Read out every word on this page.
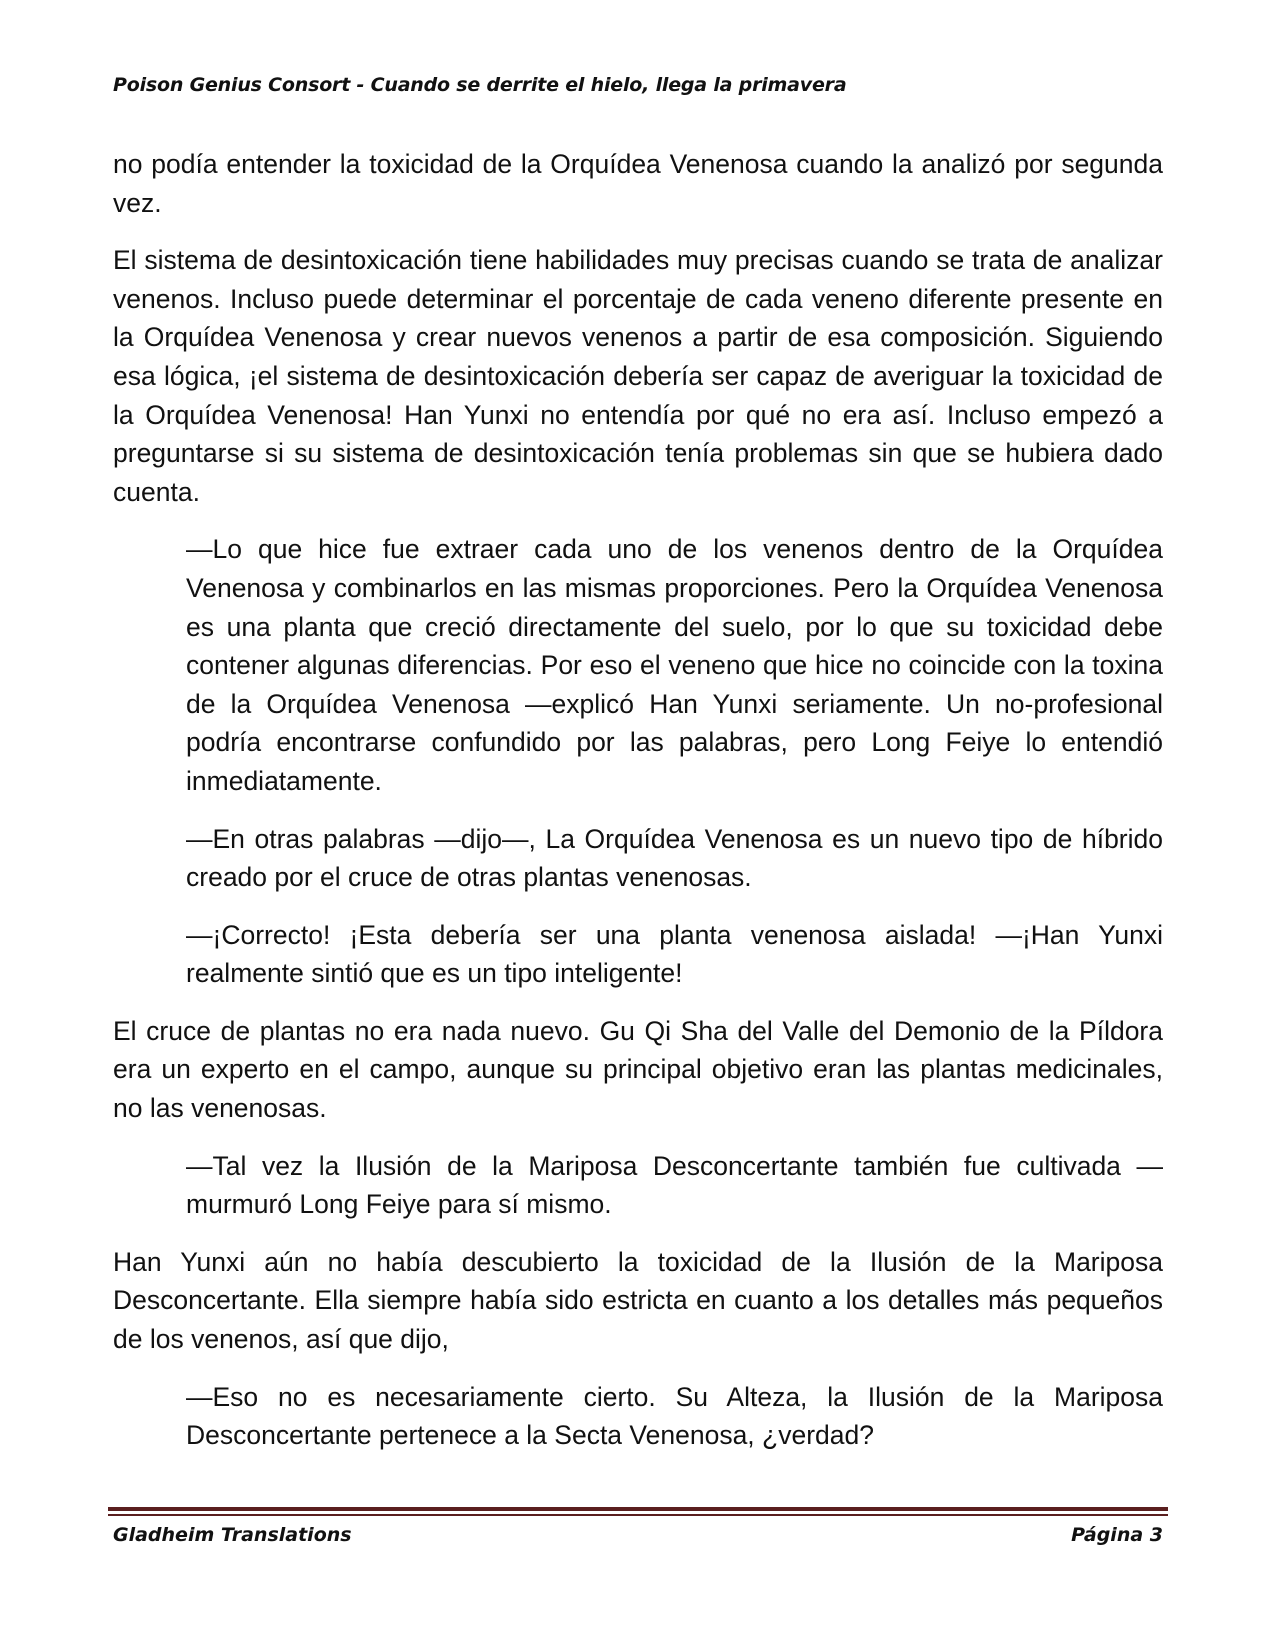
Poison Genius Consort - Cuando se derrite el hielo, llega la primavera

no podía entender la toxicidad de la Orquídea Venenosa cuando la analizó por segunda vez.

El sistema de desintoxicación tiene habilidades muy precisas cuando se trata de analizar venenos. Incluso puede determinar el porcentaje de cada veneno diferente presente en la Orquídea Venenosa y crear nuevos venenos a partir de esa composición. Siguiendo esa lógica, ¡el sistema de desintoxicación debería ser capaz de averiguar la toxicidad de la Orquídea Venenosa! Han Yunxi no entendía por qué no era así. Incluso empezó a preguntarse si su sistema de desintoxicación tenía problemas sin que se hubiera dado cuenta.

—Lo que hice fue extraer cada uno de los venenos dentro de la Orquídea Venenosa y combinarlos en las mismas proporciones. Pero la Orquídea Venenosa es una planta que creció directamente del suelo, por lo que su toxicidad debe contener algunas diferencias. Por eso el veneno que hice no coincide con la toxina de la Orquídea Venenosa —explicó Han Yunxi seriamente. Un no-profesional podría encontrarse confundido por las palabras, pero Long Feiye lo entendió inmediatamente.

—En otras palabras —dijo—, La Orquídea Venenosa es un nuevo tipo de híbrido creado por el cruce de otras plantas venenosas.

—¡Correcto! ¡Esta debería ser una planta venenosa aislada! —¡Han Yunxi realmente sintió que es un tipo inteligente!

El cruce de plantas no era nada nuevo. Gu Qi Sha del Valle del Demonio de la Píldora era un experto en el campo, aunque su principal objetivo eran las plantas medicinales, no las venenosas.

—Tal vez la Ilusión de la Mariposa Desconcertante también fue cultivada —murmuró Long Feiye para sí mismo.

Han Yunxi aún no había descubierto la toxicidad de la Ilusión de la Mariposa Desconcertante. Ella siempre había sido estricta en cuanto a los detalles más pequeños de los venenos, así que dijo,

—Eso no es necesariamente cierto. Su Alteza, la Ilusión de la Mariposa Desconcertante pertenece a la Secta Venenosa, ¿verdad?

Gladheim Translations	Página 3
